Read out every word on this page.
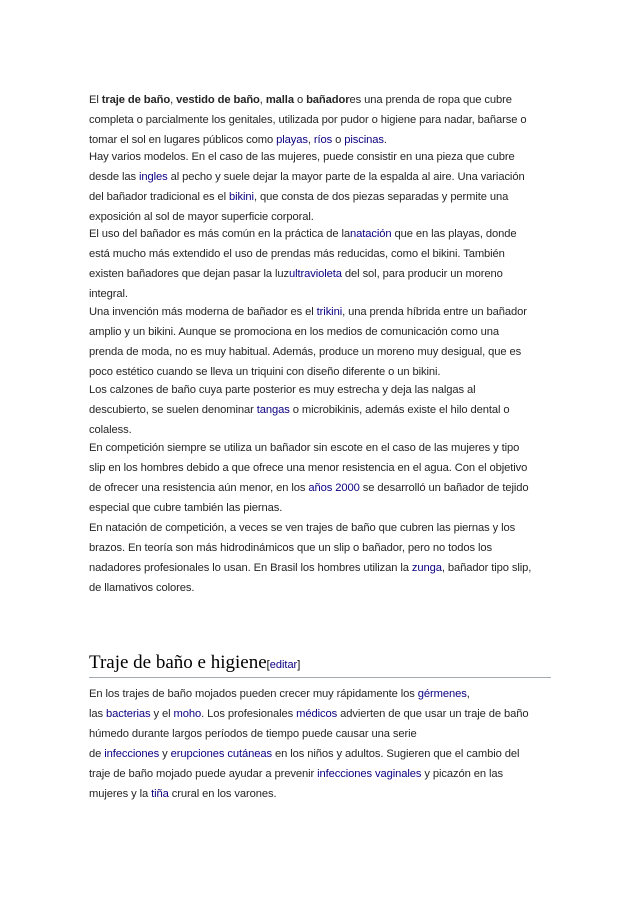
El traje de baño, vestido de baño, malla o bañadores una prenda de ropa que cubre
completa o parcialmente los genitales, utilizada por pudor o higiene para nadar, bañarse o
tomar el sol en lugares públicos como playas, ríos o piscinas.

Hay varios modelos. En el caso de las mujeres, puede consistir en una pieza que cubre
desde las ingles al pecho y suele dejar la mayor parte de la espalda al aire. Una variación
del bañador tradicional es el bikini, que consta de dos piezas separadas y permite una
exposición al sol de mayor superficie corporal.

El uso del bañador es más común en la práctica de lanatación que en las playas, donde
está mucho más extendido el uso de prendas más reducidas, como el bikini. También
existen bañadores que dejan pasar la luzultravioleta del sol, para producir un moreno
integral.

Una invención más moderna de bañador es el trikini, una prenda híbrida entre un bañador
amplio y un bikini. Aunque se promociona en los medios de comunicación como una
prenda de moda, no es muy habitual. Además, produce un moreno muy desigual, que es
poco estético cuando se lleva un triquini con diseño diferente o un bikini.

Los calzones de baño cuya parte posterior es muy estrecha y deja las nalgas al
descubierto, se suelen denominar tangas o microbikinis, además existe el hilo dental o
colaless.

En competición siempre se utiliza un bañador sin escote en el caso de las mujeres y tipo
slip en los hombres debido a que ofrece una menor resistencia en el agua. Con el objetivo
de ofrecer una resistencia aún menor, en los años 2000 se desarrolló un bañador de tejido
especial que cubre también las piernas.

En natación de competición, a veces se ven trajes de baño que cubren las piernas y los
brazos. En teoría son más hidrodinámicos que un slip o bañador, pero no todos los
nadadores profesionales lo usan. En Brasil los hombres utilizan la zunga, bañador tipo slip,
de llamativos colores.

Traje de baño e higiene[editar]

En los trajes de baño mojados pueden crecer muy rápidamente los gérmenes,
las bacterias y el moho. Los profesionales médicos advierten de que usar un traje de baño
húmedo durante largos períodos de tiempo puede causar una serie
de infecciones y erupciones cutáneas en los niños y adultos. Sugieren que el cambio del
traje de baño mojado puede ayudar a prevenir infecciones vaginales y picazón en las
mujeres y la tiña crural en los varones.
